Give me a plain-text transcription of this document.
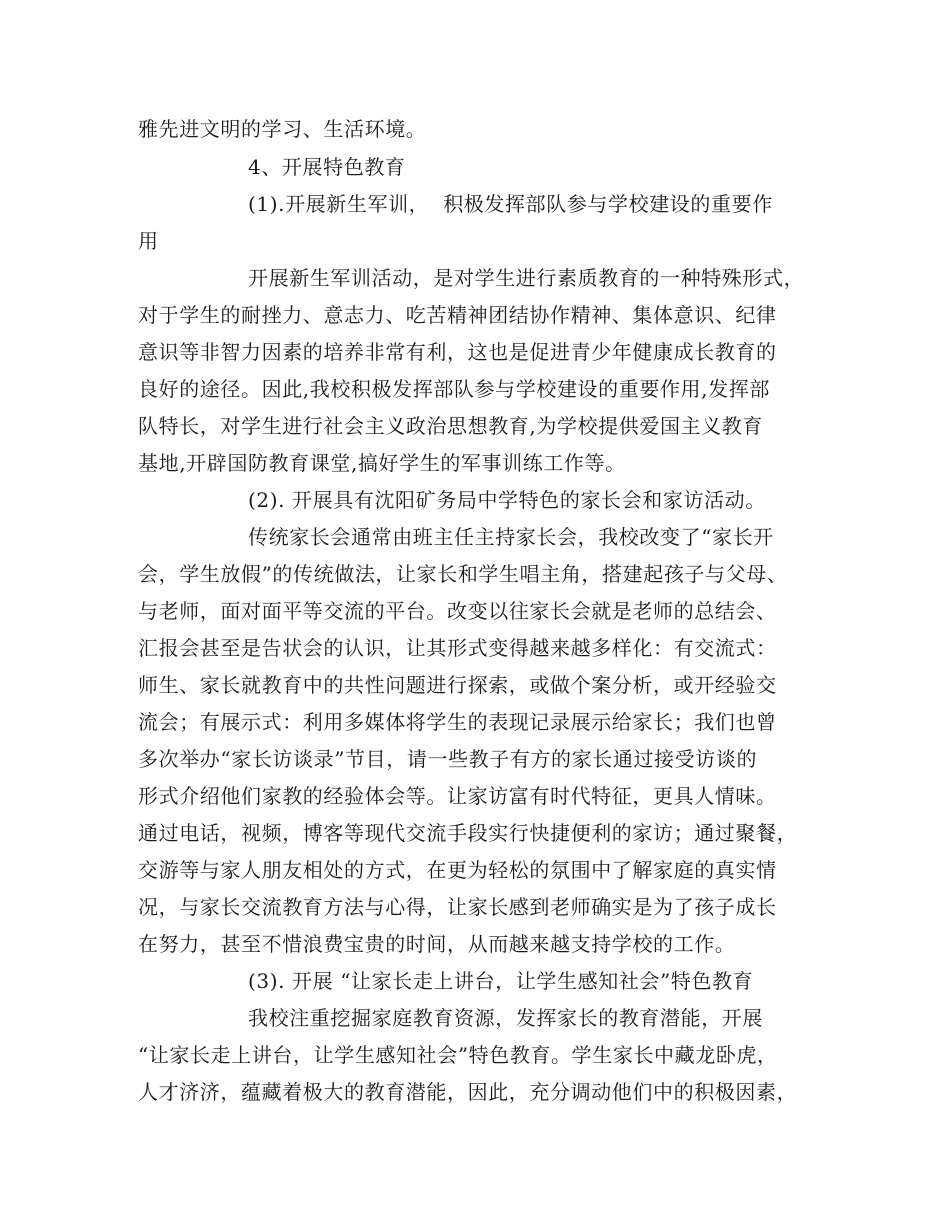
雅先进文明的学习、生活环境。
4、开展特色教育
(1).开展新生军训，  积极发挥部队参与学校建设的重要作
用
开展新生军训活动，是对学生进行素质教育的一种特殊形式，
对于学生的耐挫力、意志力、吃苦精神团结协作精神、集体意识、纪律
意识等非智力因素的培养非常有利，这也是促进青少年健康成长教育的
良好的途径。因此,我校积极发挥部队参与学校建设的重要作用,发挥部
队特长，对学生进行社会主义政治思想教育,为学校提供爱国主义教育
基地,开辟国防教育课堂,搞好学生的军事训练工作等。
(2). 开展具有沈阳矿务局中学特色的家长会和家访活动。
传统家长会通常由班主任主持家长会，我校改变了“家长开
会，学生放假”的传统做法，让家长和学生唱主角，搭建起孩子与父母、
与老师，面对面平等交流的平台。改变以往家长会就是老师的总结会、
汇报会甚至是告状会的认识，让其形式变得越来越多样化：有交流式：
师生、家长就教育中的共性问题进行探索，或做个案分析，或开经验交
流会；有展示式：利用多媒体将学生的表现记录展示给家长；我们也曾
多次举办“家长访谈录”节目，请一些教子有方的家长通过接受访谈的
形式介绍他们家教的经验体会等。让家访富有时代特征，更具人情味。
通过电话，视频，博客等现代交流手段实行快捷便利的家访；通过聚餐，
交游等与家人朋友相处的方式，在更为轻松的氛围中了解家庭的真实情
况，与家长交流教育方法与心得，让家长感到老师确实是为了孩子成长
在努力，甚至不惜浪费宝贵的时间，从而越来越支持学校的工作。
(3). 开展 “让家长走上讲台，让学生感知社会”特色教育
我校注重挖掘家庭教育资源，发挥家长的教育潜能，开展
“让家长走上讲台，让学生感知社会”特色教育。学生家长中藏龙卧虎，
人才济济，蕴藏着极大的教育潜能，因此，充分调动他们中的积极因素，
